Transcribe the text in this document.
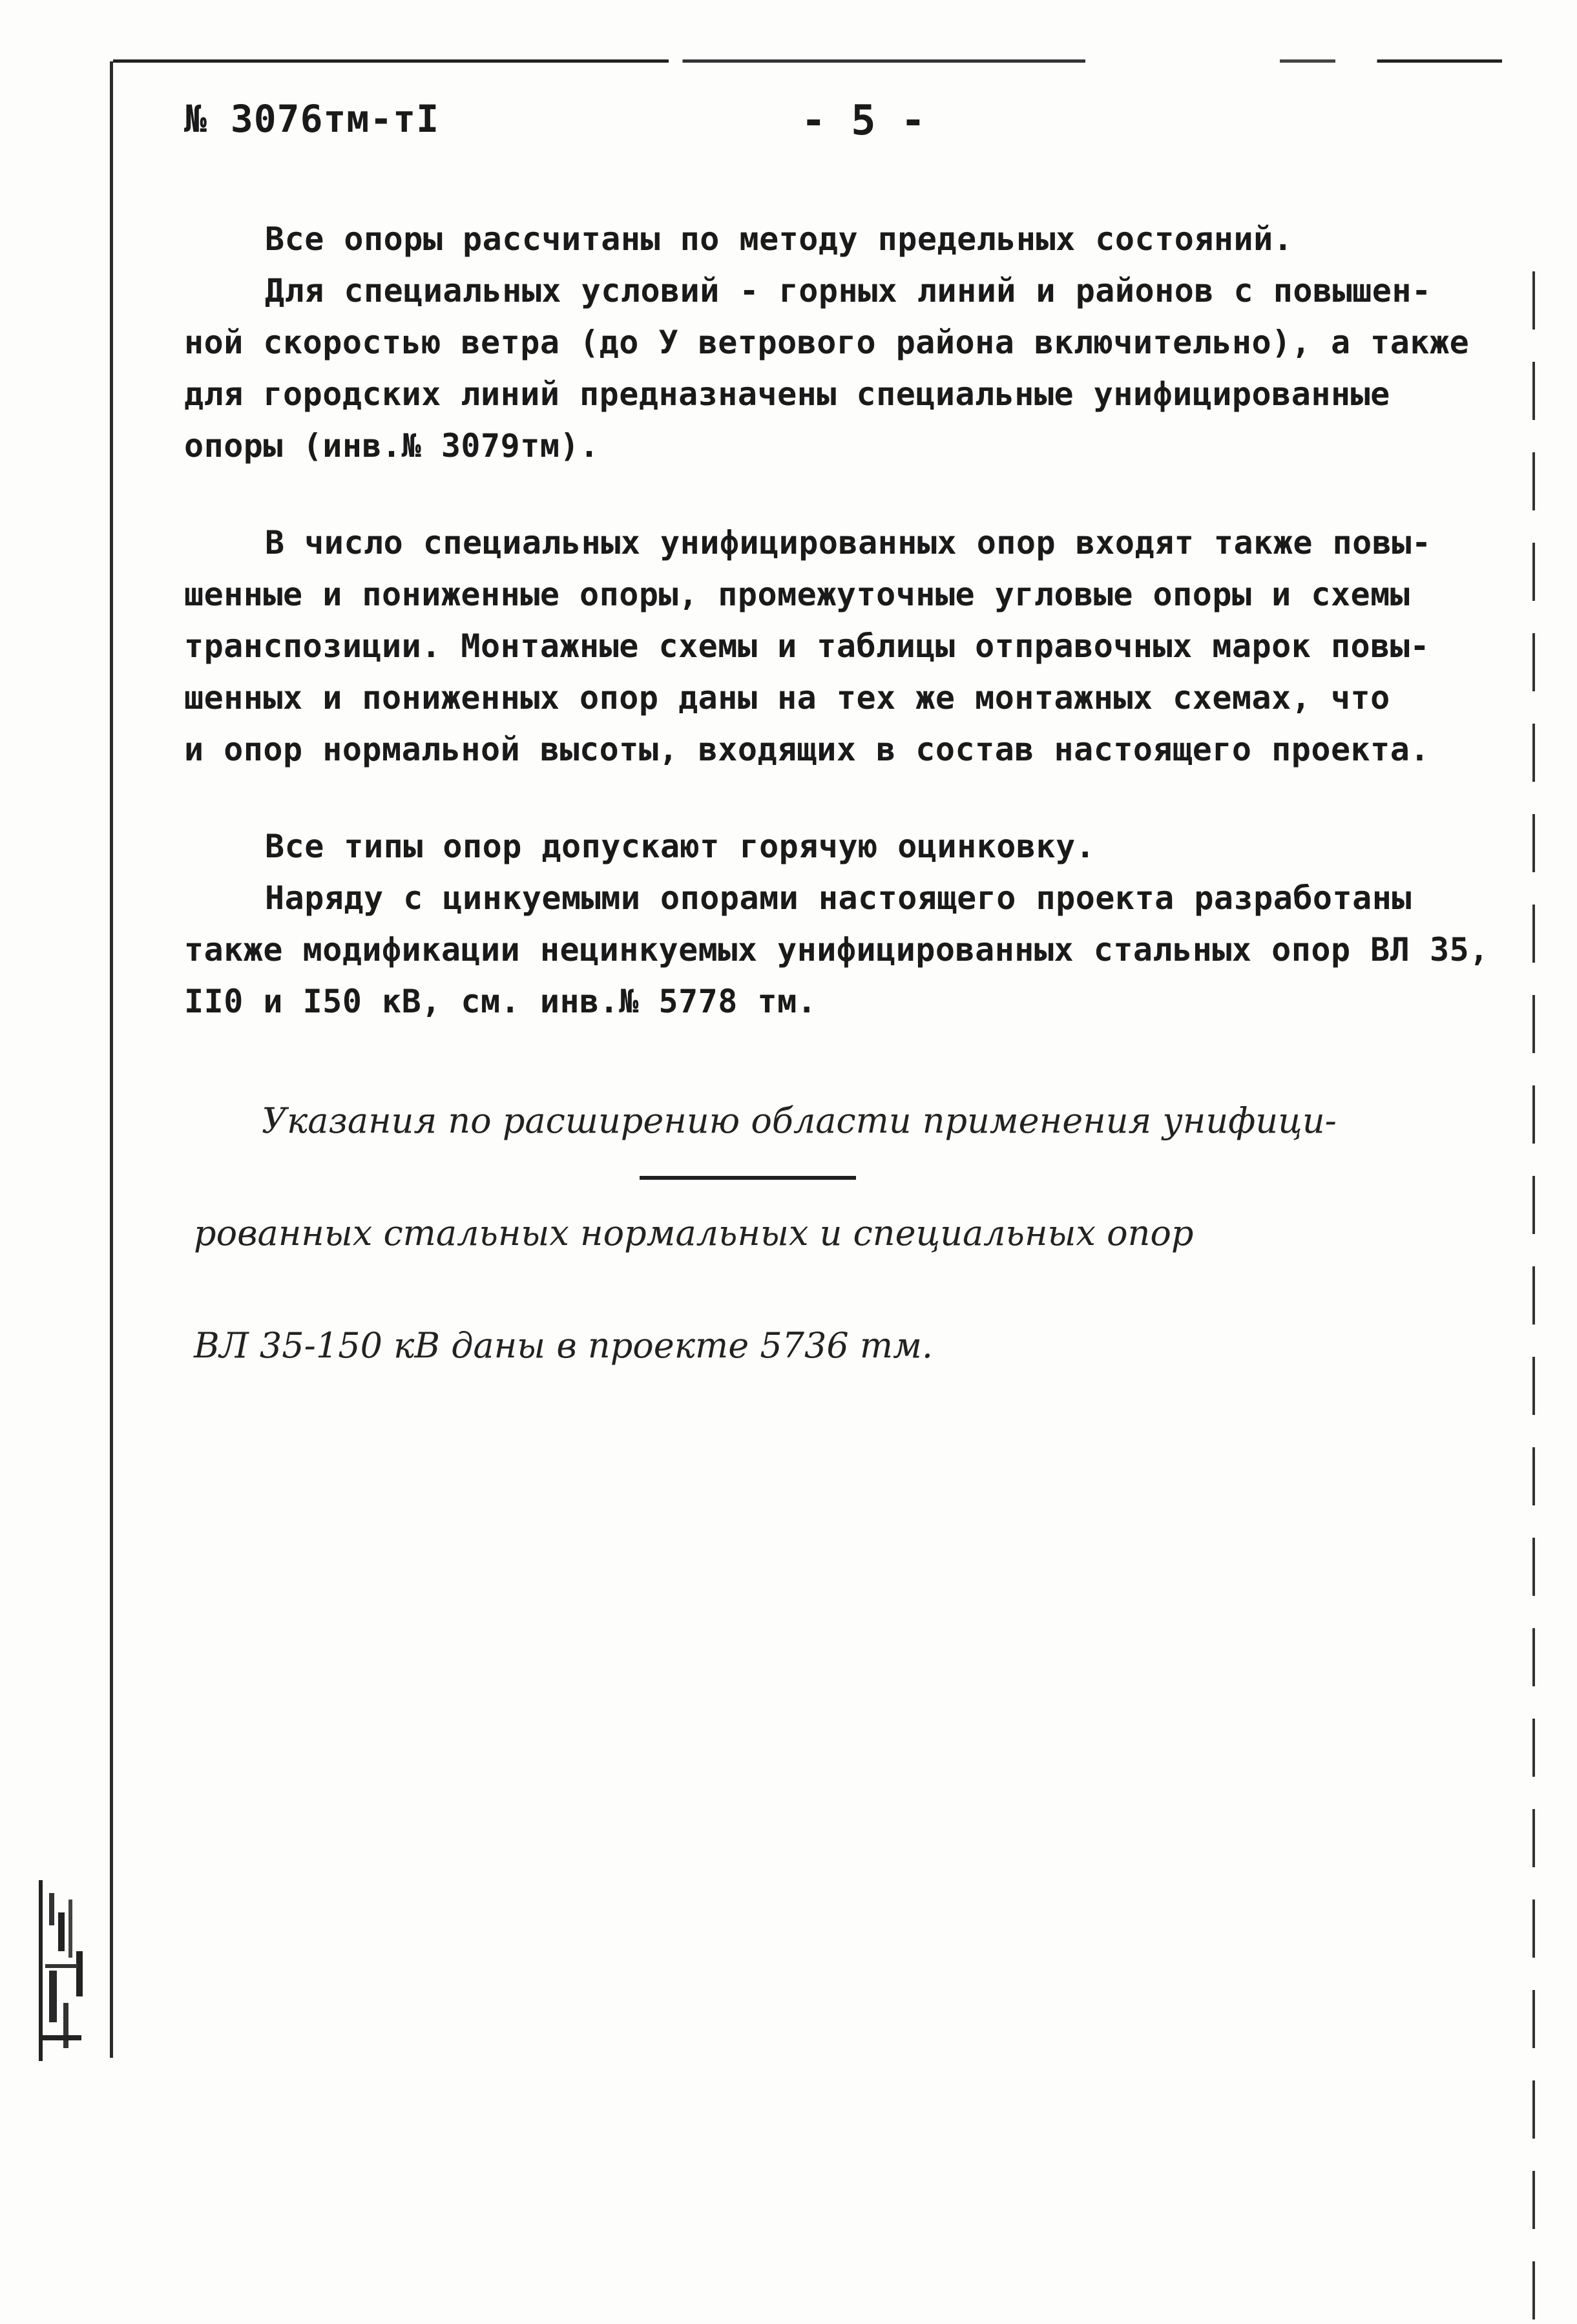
№ 3076тм-тI	- 5 -
Все опоры рассчитаны по методу предельных состояний.
Для специальных условий - горных линий и районов с повышен-
ной скоростью ветра (до У ветрового района включительно), а также
для городских линий предназначены специальные унифицированные
опоры (инв.№ 3079тм).
В число специальных унифицированных опор входят также повы-
шенные и пониженные опоры, промежуточные угловые опоры и схемы
транспозиции. Монтажные схемы и таблицы отправочных марок повы-
шенных и пониженных опор даны на тех же монтажных схемах, что
и опор нормальной высоты, входящих в состав настоящего проекта.
Все типы опор допускают горячую оцинковку.
Наряду с цинкуемыми опорами настоящего проекта разработаны
также модификации нецинкуемых унифицированных стальных опор ВЛ 35,
II0 и I50 кВ, см. инв.№ 5778 тм.

Указания по расширению области применения унифици-

рованных стальных нормальных и специальных опор

ВЛ 35-150 кВ даны в проекте 5736 тм.
